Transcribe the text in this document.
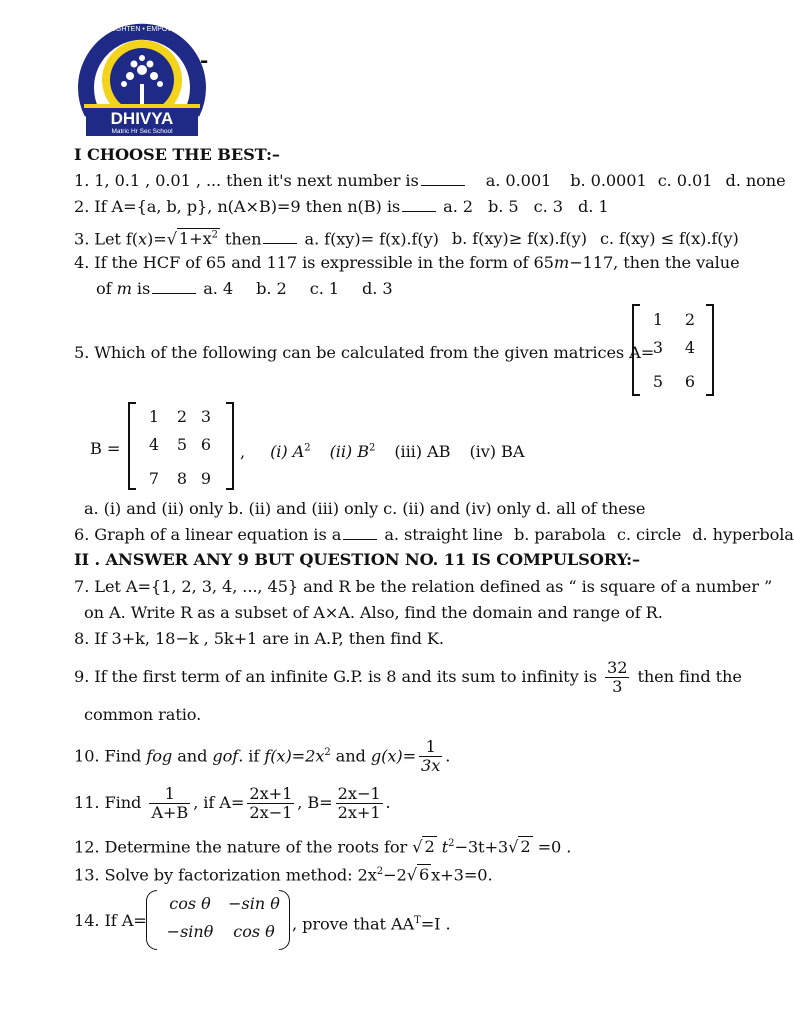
ENLIGHTEN • EMPOWER
DHIVYA
Matric Hr Sec School
-
I CHOOSE THE BEST:–
1. 1, 0.1 , 0.01 , ... then it's next number is	a. 0.001 b. 0.0001 c. 0.01 d. none
2. If A={a, b, p}, n(A×B)=9 then n(B) is	a. 2 b. 5 c. 3 d. 1
3. Let f(x)=√ $1+x^2$ then	a. f(xy)= f(x).f(y) b. f(xy)≥ f(x).f(y) c. f(xy) ≤ f(x).f(y)
4. If the HCF of 65 and 117 is expressible in the form of 65m−117, then the value
of m is	a. 4 b. 2 c. 1 d. 3
5. Which of the following can be calculated from the given matrices A=
1	2
3	4
5	6
B =
1	2 3
4	5 6
7	8 9
, (i) $A^2$ (ii) $B^2$ (iii) AB (iv) BA
a. (i) and (ii) only b. (ii) and (iii) only c. (ii) and (iv) only d. all of these
6. Graph of a linear equation is a	a. straight line b. parabola c. circle d. hyperbola
II . ANSWER ANY 9 BUT QUESTION NO. 11 IS COMPULSORY:–
7. Let A={1, 2, 3, 4, ..., 45} and R be the relation defined as “ is square of a number ”
on A. Write R as a subset of A×A. Also, find the domain and range of R.
8. If 3+k, 18−k , 5k+1 are in A.P, then find K.
9. If the first term of an infinite G.P. is 8 and its sum to infinity is $\frac{32}{3}$ then find the
common ratio.
10. Find fog and gof. if $f(x)=2x^2$ and $g(x)= \frac{1}{3x}$ .
11. Find $\frac{1}{A+B}$ , if $A= \frac{2x+1}{2x-1}$ , $B= \frac{2x-1}{2x+1}$ .
12. Determine the nature of the roots for √ 2 $t^2-3t+3√$ 2 =0 .
13. Solve by factorization method: $2x^2-2√$ 6 x+3=0.
14. If A=
cos θ	−sin θ
−sinθ	cos θ	, prove that $AA^T=I$ .
